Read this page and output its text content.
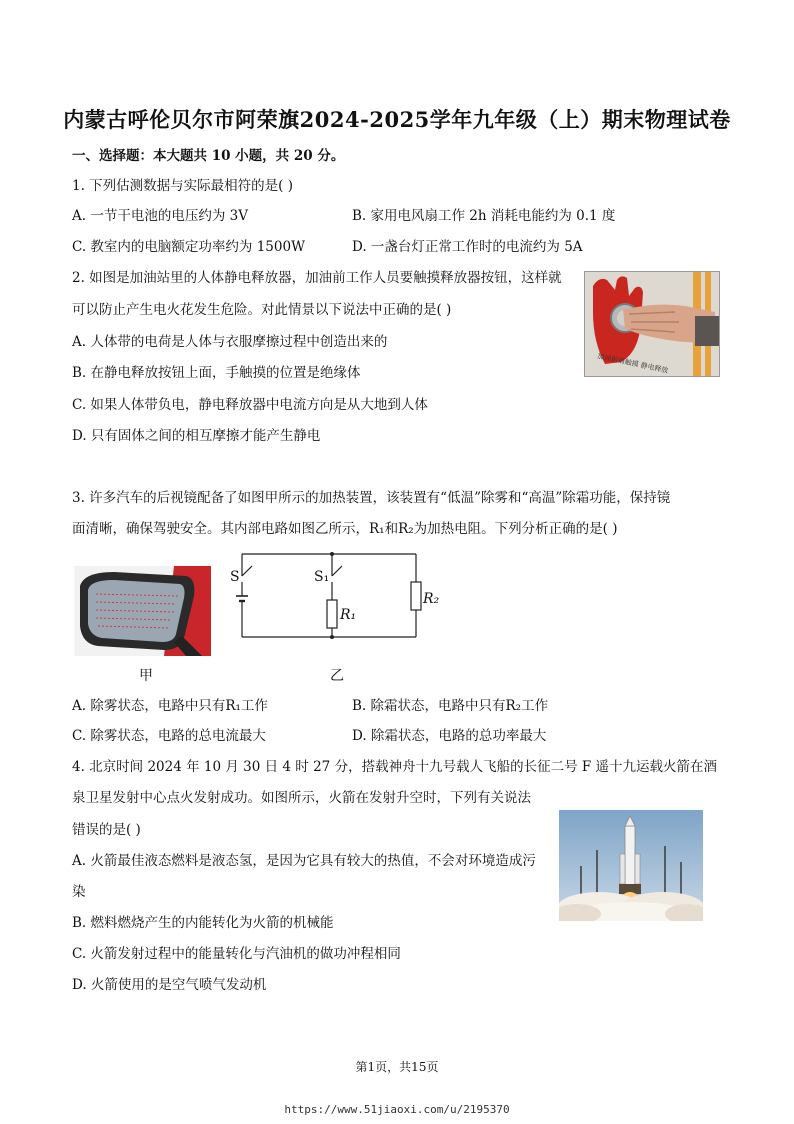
内蒙古呼伦贝尔市阿荣旗2024-2025学年九年级（上）期末物理试卷
一、选择题：本大题共 10 小题，共 20 分。
1. 下列估测数据与实际最相符的是( )
A. 一节干电池的电压约为 3V	B. 家用电风扇工作 2h 消耗电能约为 0.1 度
C. 教室内的电脑额定功率约为 1500W	D. 一盏台灯正常工作时的电流约为 5A
2. 如图是加油站里的人体静电释放器，加油前工作人员要触摸释放器按钮，这样就
可以防止产生电火花发生危险。对此情景以下说法中正确的是( )
A. 人体带的电荷是人体与衣服摩擦过程中创造出来的
B. 在静电释放按钮上面，手触摸的位置是绝缘体
C. 如果人体带负电，静电释放器中电流方向是从大地到人体
D. 只有固体之间的相互摩擦才能产生静电
加油前请触摸 静电释放
3. 许多汽车的后视镜配备了如图甲所示的加热装置，该装置有“低温”除雾和“高温”除霜功能，保持镜
面清晰，确保驾驶安全。其内部电路如图乙所示，R₁和R₂为加热电阻。下列分析正确的是( )
甲
S	S₁
R₁
R₂
乙
A. 除雾状态，电路中只有R₁工作	B. 除霜状态，电路中只有R₂工作
C. 除雾状态，电路的总电流最大	D. 除霜状态，电路的总功率最大
4. 北京时间 2024 年 10 月 30 日 4 时 27 分，搭载神舟十九号载人飞船的长征二号 F 遥十九运载火箭在酒
泉卫星发射中心点火发射成功。如图所示，火箭在发射升空时，下列有关说法
错误的是( )
A. 火箭最佳液态燃料是液态氢，是因为它具有较大的热值，不会对环境造成污
染
B. 燃料燃烧产生的内能转化为火箭的机械能
C. 火箭发射过程中的能量转化与汽油机的做功冲程相同
D. 火箭使用的是空气喷气发动机
第1页，共15页
https://www.51jiaoxi.com/u/2195370
